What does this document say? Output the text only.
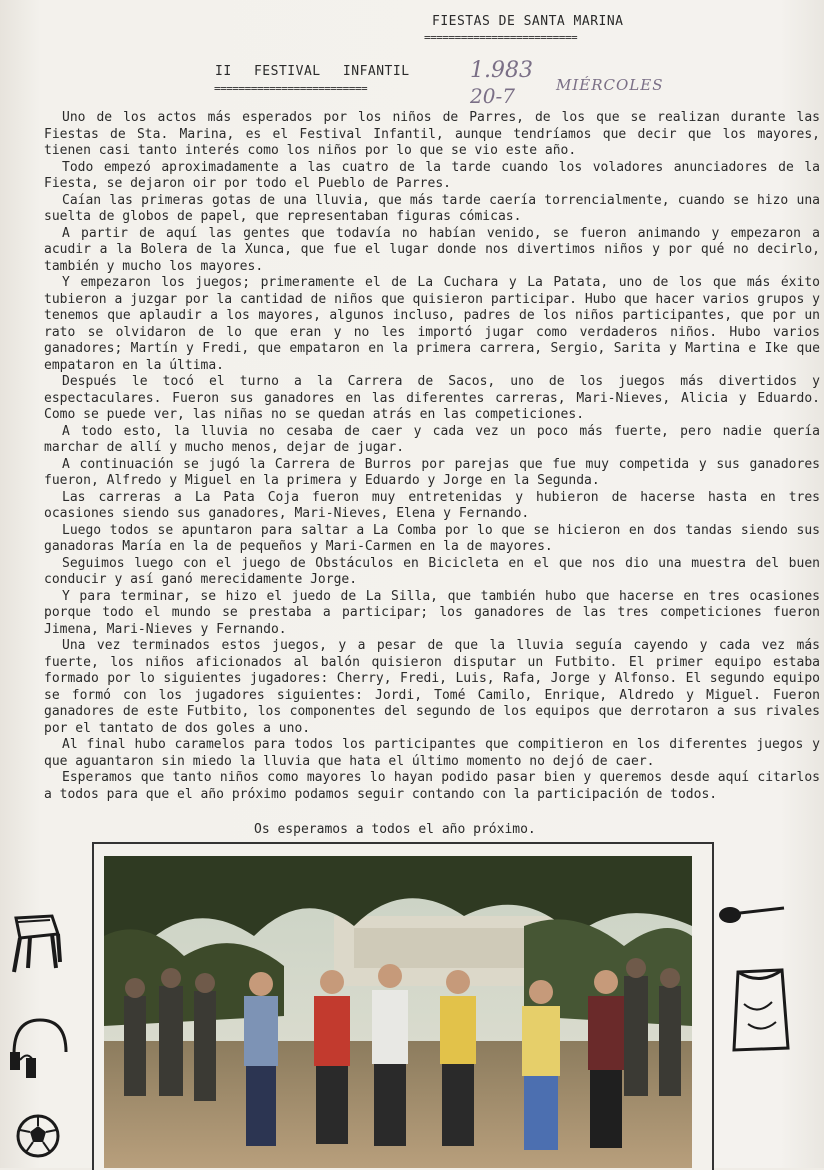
FIESTAS DE SANTA MARINA
=========================
II FESTIVAL INFANTIL
=========================
1.983
20-7	MIÉRCOLES

Uno de los actos más esperados por los niños de Parres, de los que se realizan durante las Fiestas de Sta. Marina, es el Festival Infantil, aunque tendríamos que decir que los mayores, tienen casi tanto interés como los niños por lo que se vio este año.

Todo empezó aproximadamente a las cuatro de la tarde cuando los voladores anunciadores de la Fiesta, se dejaron oir por todo el Pueblo de Parres.

Caían las primeras gotas de una lluvia, que más tarde caería torrencialmente, cuando se hizo una suelta de globos de papel, que representaban figuras cómicas.

A partir de aquí las gentes que todavía no habían venido, se fueron animando y empezaron a acudir a la Bolera de la Xunca, que fue el lugar donde nos divertimos niños y por qué no decirlo, también y mucho los mayores.

Y empezaron los juegos; primeramente el de La Cuchara y La Patata, uno de los que más éxito tubieron a juzgar por la cantidad de niños que quisieron participar. Hubo que hacer varios grupos y tenemos que aplaudir a los mayores, algunos incluso, padres de los niños participantes, que por un rato se olvidaron de lo que eran y no les importó jugar como verdaderos niños. Hubo varios ganadores; Martín y Fredi, que empataron en la primera carrera, Sergio, Sarita y Martina e Ike que empataron en la última.

Después le tocó el turno a la Carrera de Sacos, uno de los juegos más divertidos y espectaculares. Fueron sus ganadores en las diferentes carreras, Mari-Nieves, Alicia y Eduardo. Como se puede ver, las niñas no se quedan atrás en las competiciones.

A todo esto, la lluvia no cesaba de caer y cada vez un poco más fuerte, pero nadie quería marchar de allí y mucho menos, dejar de jugar.

A continuación se jugó la Carrera de Burros por parejas que fue muy competida y sus ganadores fueron, Alfredo y Miguel en la primera y Eduardo y Jorge en la Segunda.

Las carreras a La Pata Coja fueron muy entretenidas y hubieron de hacerse hasta en tres ocasiones siendo sus ganadores, Mari-Nieves, Elena y Fernando.

Luego todos se apuntaron para saltar a La Comba por lo que se hicieron en dos tandas siendo sus ganadoras María en la de pequeños y Mari-Carmen en la de mayores.

Seguimos luego con el juego de Obstáculos en Bicicleta en el que nos dio una muestra del buen conducir y así ganó merecidamente Jorge.

Y para terminar, se hizo el juedo de La Silla, que también hubo que hacerse en tres ocasiones porque todo el mundo se prestaba a participar; los ganadores de las tres competiciones fueron Jimena, Mari-Nieves y Fernando.

Una vez terminados estos juegos, y a pesar de que la lluvia seguía cayendo y cada vez más fuerte, los niños aficionados al balón quisieron disputar un Futbito. El primer equipo estaba formado por lo siguientes jugadores: Cherry, Fredi, Luis, Rafa, Jorge y Alfonso. El segundo equipo se formó con los jugadores siguientes: Jordi, Tomé Camilo, Enrique, Aldredo y Miguel. Fueron ganadores de este Futbito, los componentes del segundo de los equipos que derrotaron a sus rivales por el tantato de dos goles a uno.

Al final hubo caramelos para todos los participantes que compitieron en los diferentes juegos y que aguantaron sin miedo la lluvia que hata el último momento no dejó de caer.

Esperamos que tanto niños como mayores lo hayan podido pasar bien y queremos desde aquí citarlos a todos para que el año próximo podamos seguir contando con la participación de todos.

Os esperamos a todos el año próximo.
